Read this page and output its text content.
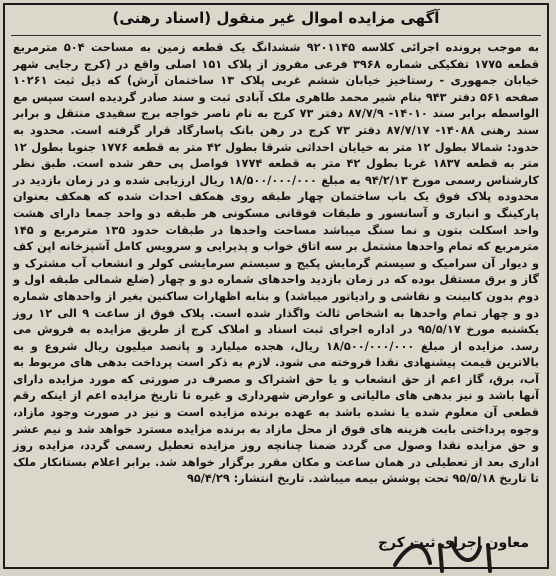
آگهی مزایده اموال غیر منقول (اسناد رهنی)
به موجب پرونده اجرائی کلاسه ۹۲۰۱۱۴۵ ششدانگ یک قطعه زمین به مساحت ۵۰۴ مترمربع قطعه ۱۷۷۵ تفکیکی شماره ۳۹۶۸ فرعی مفروز از پلاک ۱۵۱ اصلی واقع در (کرج رجایی شهر خیابان جمهوری - رستاخیز خیابان ششم غربی پلاک ۱۳ ساختمان آرش) که ذیل ثبت ۱۰۲۶۱ صفحه ۵۶۱ دفتر ۹۴۳ بنام شیر محمد طاهری ملک آبادی ثبت و سند صادر گردیده است سپس مع الواسطه برابر سند ۱۴۰۱۰- ۸۷/۷/۹ دفتر ۷۳ کرج به نام ناصر خواجه برج سفیدی منتقل و برابر سند رهنی ۱۴۰۸۸- ۸۷/۷/۱۷ دفتر ۷۳ کرج در رهن بانک پاسارگاد قرار گرفته است. محدود به حدود: شمالا بطول ۱۲ متر به خیابان احداثی شرقا بطول ۴۲ متر به قطعه ۱۷۷۶ جنوبا بطول ۱۲ متر به قطعه ۱۸۳۷ غربا بطول ۴۲ متر به قطعه ۱۷۷۴ فواصل پی حفر شده است. طبق نظر کارشناس رسمی مورخ ۹۴/۲/۱۳ به مبلغ ۱۸/۵۰۰/۰۰۰/۰۰۰ ریال ارزیابی شده و در زمان بازدید در محدوده پلاک فوق یک باب ساختمان چهار طبقه روی همکف احداث شده که همکف بعنوان پارکینگ و انباری و آسانسور و طبقات فوقانی مسکونی هر طبقه دو واحد جمعا دارای هشت واحد اسکلت بتون و نما سنگ میباشد مساحت واحدها در طبقات حدود ۱۳۵ مترمربع و ۱۴۵ مترمربع که تمام واحدها مشتمل بر سه اتاق خواب و پذیرایی و سرویس کامل آشپزخانه اپن کف و دیوار آن سرامیک و سیستم گرمایش پکیج و سیستم سرمایشی کولر و انشعاب آب مشترک و گاز و برق مستقل بوده که در زمان بازدید واحدهای شماره دو و چهار (ضلع شمالی طبقه اول و دوم بدون کابینت و نقاشی و رادیاتور میباشد) و بنابه اظهارات ساکنین بغیر از واحدهای شماره دو و چهار تمام واحدها به اشخاص ثالث واگذار شده است. پلاک فوق از ساعت ۹ الی ۱۲ روز یکشنبه مورخ ۹۵/۵/۱۷ در اداره اجرای ثبت اسناد و املاک کرج از طریق مزایده به فروش می رسد. مزایده از مبلغ ۱۸/۵۰۰/۰۰۰/۰۰۰ ریال، هجده میلیارد و پانصد میلیون ریال شروع و به بالاترین قیمت پیشنهادی نقدا فروخته می شود. لازم به ذکر است پرداخت بدهی های مربوط به آب، برق، گاز اعم از حق انشعاب و یا حق اشتراک و مصرف در صورتی که مورد مزایده دارای آنها باشد و نیز بدهی های مالیاتی و عوارض شهرداری و غیره تا تاریخ مزایده اعم از اینکه رقم قطعی آن معلوم شده یا نشده باشد به عهده برنده مزایده است و نیز در صورت وجود مازاد، وجوه پرداختی بابت هزینه های فوق از محل مازاد به برنده مزایده مسترد خواهد شد و نیم عشر و حق مزایده نقدا وصول می گردد ضمنا چنانچه روز مزایده تعطیل رسمی گردد، مزایده روز اداری بعد از تعطیلی در همان ساعت و مکان مقرر برگزار خواهد شد. برابر اعلام بستانکار ملک تا تاریخ ۹۵/۵/۱۸ تحت پوشش بیمه میباشد. تاریخ انتشار: ۹۵/۴/۲۹
معاون اجرای ثبت کرج
